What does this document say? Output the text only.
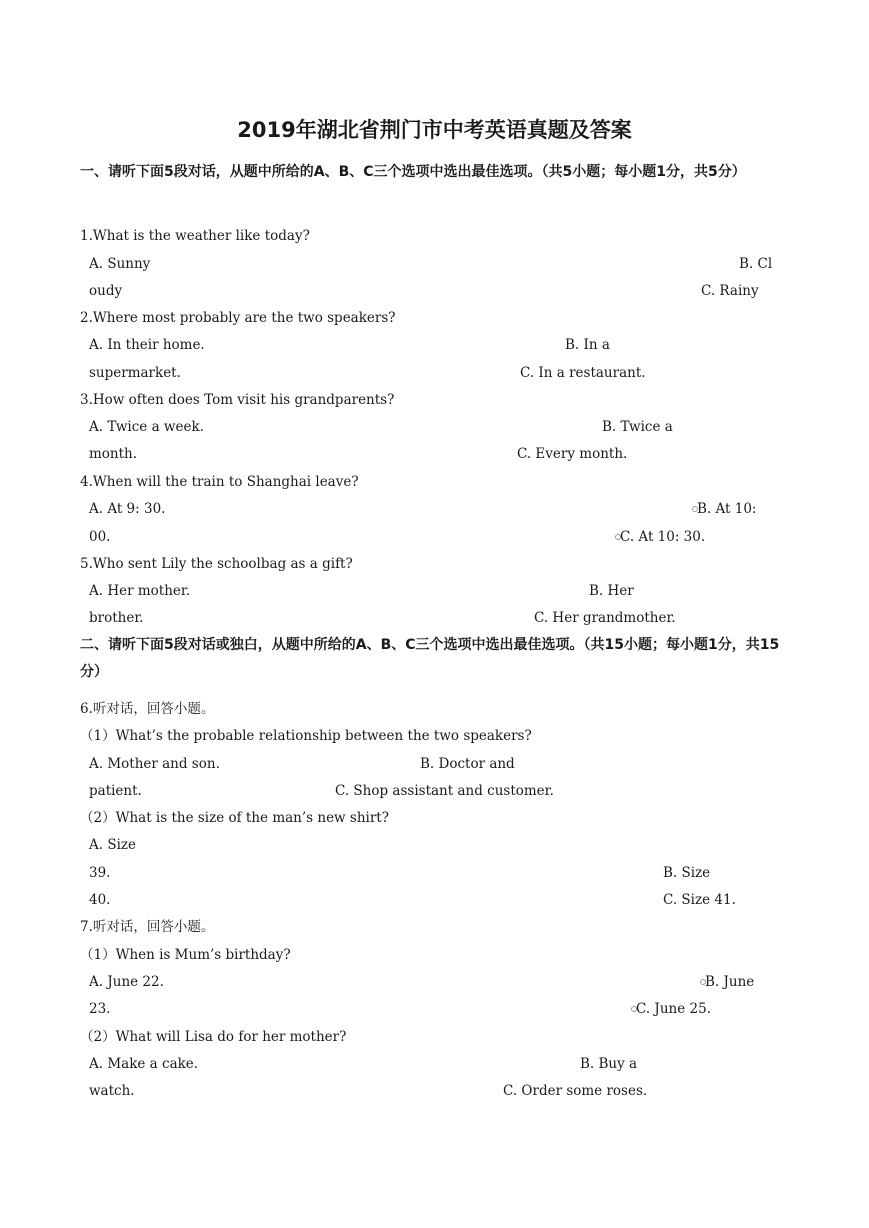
2019年湖北省荆门市中考英语真题及答案
一、请听下面5段对话，从题中所给的A、B、C三个选项中选出最佳选项。（共5小题；每小题1分，共5分）
1.What is the weather like today?
A. Sunny	B. Cl
oudy	C. Rainy
2.Where most probably are the two speakers?
A. In their home.	B. In a
supermarket.	C. In a restaurant.
3.How often does Tom visit his grandparents?
A. Twice a week.	B. Twice a
month.	C. Every month.
4.When will the train to Shanghai leave?
A. At 9: 30.	B. At 10:
00.	C. At 10: 30.
5.Who sent Lily the schoolbag as a gift?
A. Her mother.	B. Her
brother.	C. Her grandmother.
二、请听下面5段对话或独白，从题中所给的A、B、C三个选项中选出最佳选项。（共15小题；每小题1分，共15分）
6.听对话，回答小题。
（1）What’s the probable relationship between the two speakers?
A. Mother and son.	B. Doctor and
patient.	C. Shop assistant and customer.
（2）What is the size of the man’s new shirt?
A. Size
39.	B. Size
40.	C. Size 41.
7.听对话，回答小题。
（1）When is Mum’s birthday?
A. June 22.	B. June
23.	C. June 25.
（2）What will Lisa do for her mother?
A. Make a cake.	B. Buy a
watch.	C. Order some roses.
